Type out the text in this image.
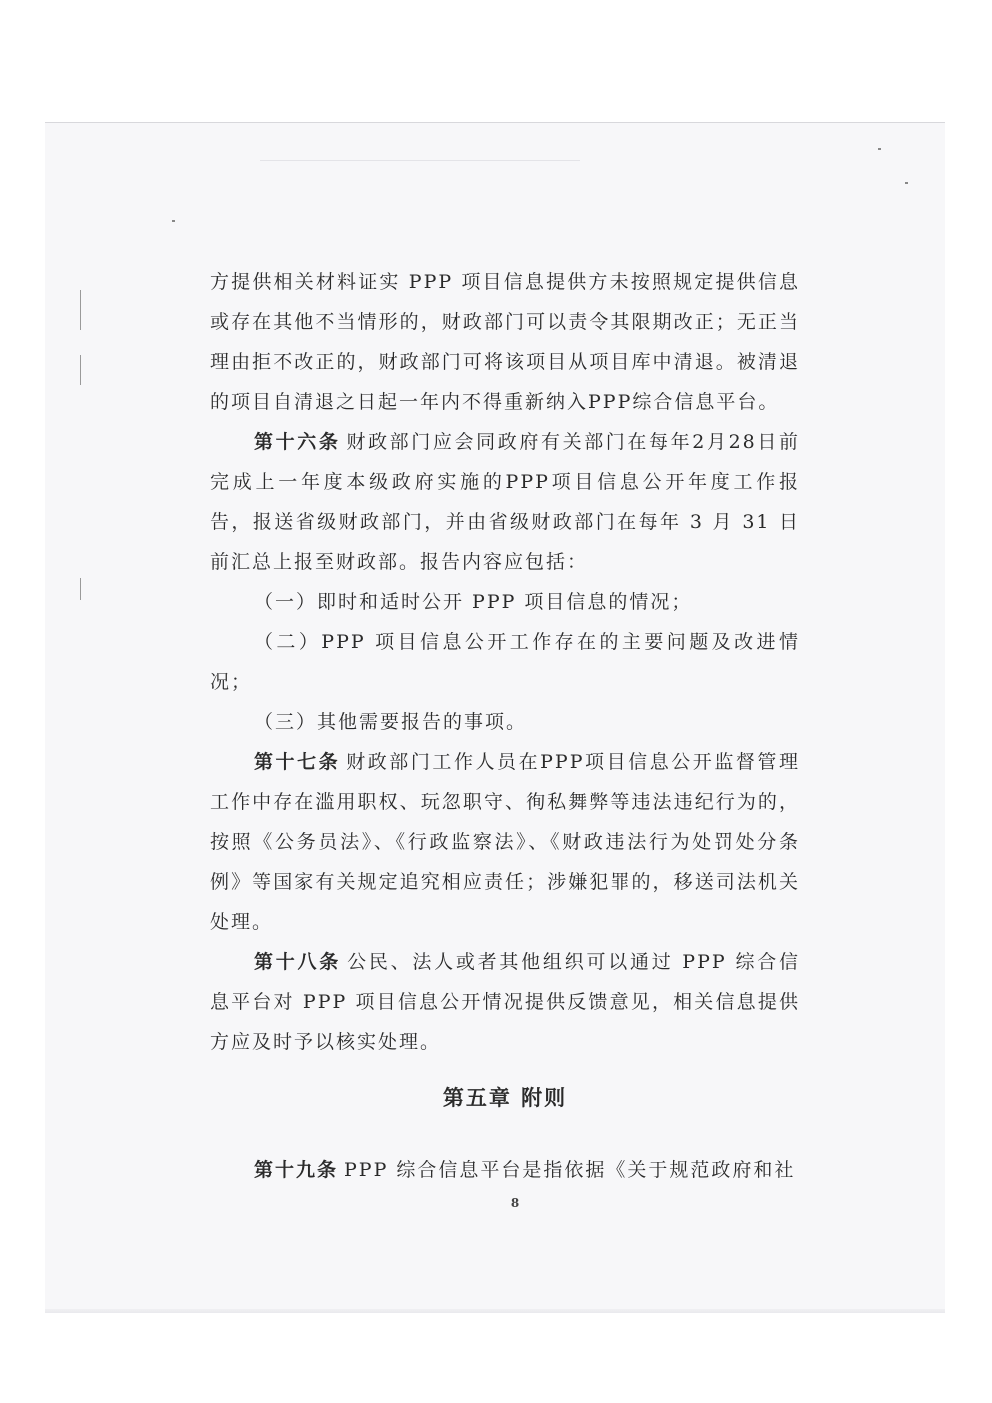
方提供相关材料证实 PPP 项目信息提供方未按照规定提供信息或存在其他不当情形的，财政部门可以责令其限期改正；无正当理由拒不改正的，财政部门可将该项目从项目库中清退。被清退的项目自清退之日起一年内不得重新纳入PPP综合信息平台。

第十六条 财政部门应会同政府有关部门在每年2月28日前完成上一年度本级政府实施的PPP项目信息公开年度工作报告，报送省级财政部门，并由省级财政部门在每年 3 月 31 日前汇总上报至财政部。报告内容应包括：

（一）即时和适时公开 PPP 项目信息的情况；

（二）PPP 项目信息公开工作存在的主要问题及改进情况；

（三）其他需要报告的事项。

第十七条 财政部门工作人员在PPP项目信息公开监督管理工作中存在滥用职权、玩忽职守、徇私舞弊等违法违纪行为的，按照《公务员法》、《行政监察法》、《财政违法行为处罚处分条例》等国家有关规定追究相应责任；涉嫌犯罪的，移送司法机关处理。

第十八条 公民、法人或者其他组织可以通过 PPP 综合信息平台对 PPP 项目信息公开情况提供反馈意见，相关信息提供方应及时予以核实处理。

第五章 附则

第十九条 PPP 综合信息平台是指依据《关于规范政府和社

8
